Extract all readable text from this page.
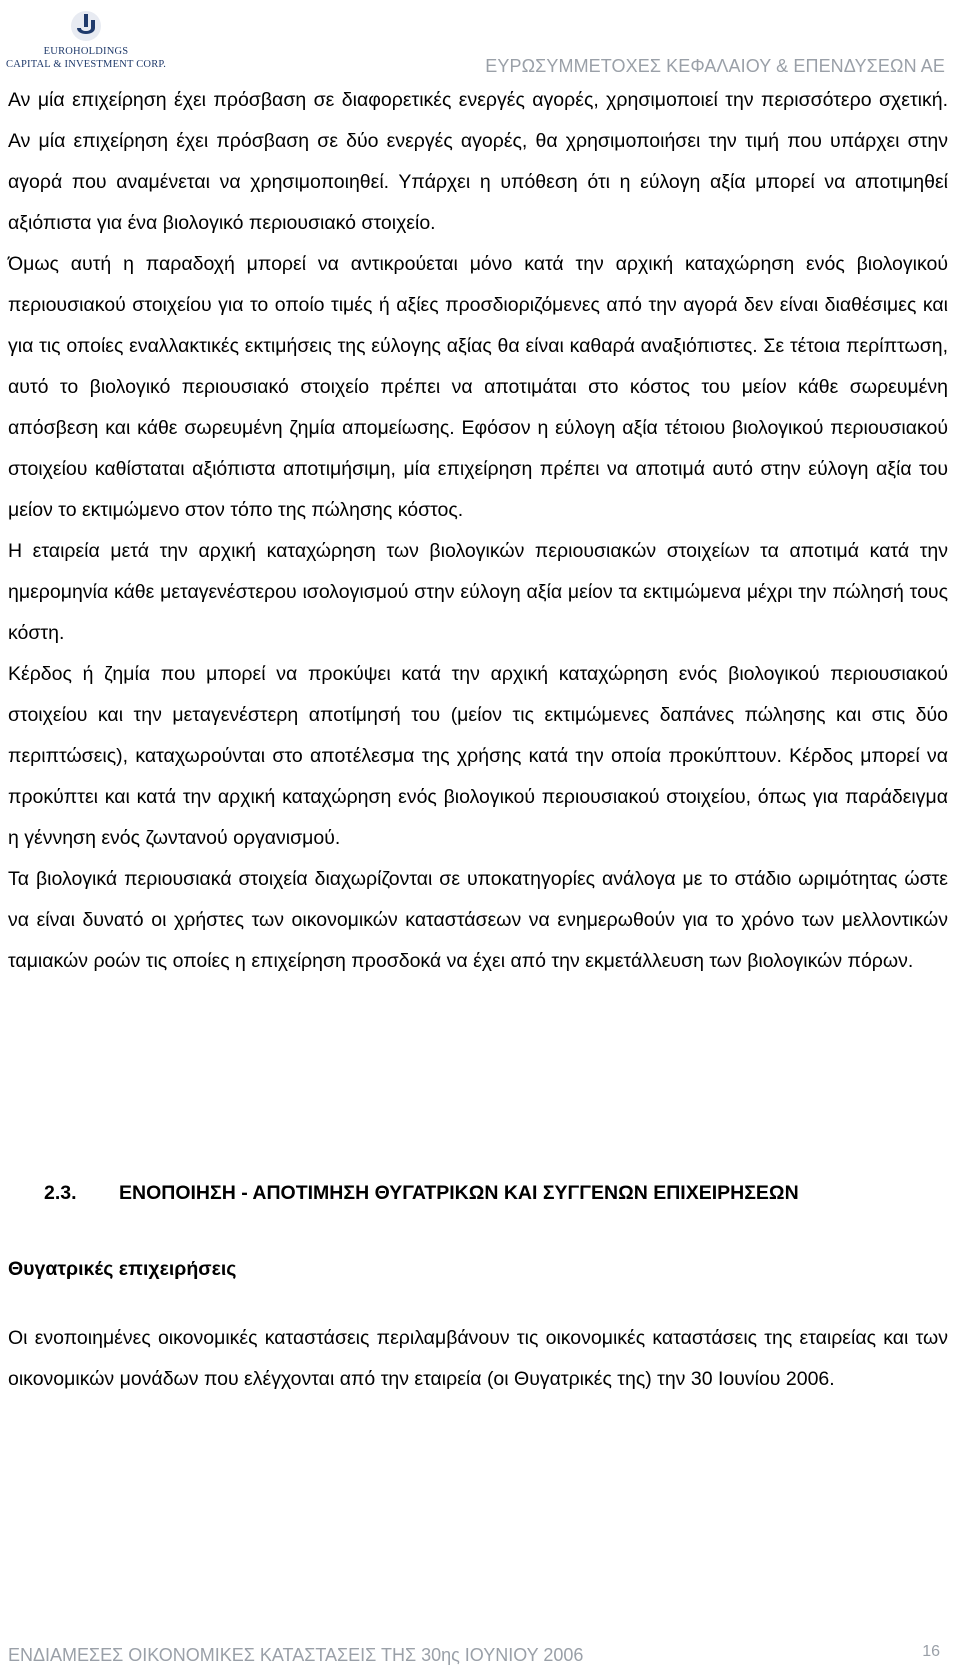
EUROHOLDINGS
CAPITAL & INVESTMENT CORP.	ΕΥΡΩΣΥΜΜΕΤΟΧΕΣ ΚΕΦΑΛΑΙΟΥ & ΕΠΕΝΔΥΣΕΩΝ ΑΕ

Αν μία επιχείρηση έχει πρόσβαση σε διαφορετικές ενεργές αγορές, χρησιμοποιεί την περισσότερο σχετική. Αν μία επιχείρηση έχει πρόσβαση σε δύο ενεργές αγορές, θα χρησιμοποιήσει την τιμή που υπάρχει στην αγορά που αναμένεται να χρησιμοποιηθεί. Υπάρχει η υπόθεση ότι η εύλογη αξία μπορεί να αποτιμηθεί αξιόπιστα για ένα βιολογικό περιουσιακό στοιχείο.

Όμως αυτή η παραδοχή μπορεί να αντικρούεται μόνο κατά την αρχική καταχώρηση ενός βιολογικού περιουσιακού στοιχείου για το οποίο τιμές ή αξίες προσδιοριζόμενες από την αγορά δεν είναι διαθέσιμες και για τις οποίες εναλλακτικές εκτιμήσεις της εύλογης αξίας θα είναι καθαρά αναξιόπιστες. Σε τέτοια περίπτωση, αυτό το βιολογικό περιουσιακό στοιχείο πρέπει να αποτιμάται στο κόστος του μείον κάθε σωρευμένη απόσβεση και κάθε σωρευμένη ζημία απομείωσης. Εφόσον η εύλογη αξία τέτοιου βιολογικού περιουσιακού στοιχείου καθίσταται αξιόπιστα αποτιμήσιμη, μία επιχείρηση πρέπει να αποτιμά αυτό στην εύλογη αξία του μείον το εκτιμώμενο στον τόπο της πώλησης κόστος.

Η εταιρεία μετά την αρχική καταχώρηση των βιολογικών περιουσιακών στοιχείων τα αποτιμά κατά την ημερομηνία κάθε μεταγενέστερου ισολογισμού στην εύλογη αξία μείον τα εκτιμώμενα μέχρι την πώλησή τους κόστη.

Κέρδος ή ζημία που μπορεί να προκύψει κατά την αρχική καταχώρηση ενός βιολογικού περιουσιακού στοιχείου και την μεταγενέστερη αποτίμησή του (μείον τις εκτιμώμενες δαπάνες πώλησης και στις δύο περιπτώσεις), καταχωρούνται στο αποτέλεσμα της χρήσης κατά την οποία προκύπτουν. Κέρδος μπορεί να προκύπτει και κατά την αρχική καταχώρηση ενός βιολογικού περιουσιακού στοιχείου, όπως για παράδειγμα η γέννηση ενός ζωντανού οργανισμού.

Τα βιολογικά περιουσιακά στοιχεία διαχωρίζονται σε υποκατηγορίες ανάλογα με το στάδιο ωριμότητας ώστε να είναι δυνατό οι χρήστες των οικονομικών καταστάσεων να ενημερωθούν για το χρόνο των μελλοντικών ταμιακών ροών τις οποίες η επιχείρηση προσδοκά να έχει από την εκμετάλλευση των βιολογικών πόρων.

2.3. ΕΝΟΠΟΙΗΣΗ - ΑΠΟΤΙΜΗΣΗ ΘΥΓΑΤΡΙΚΩΝ ΚΑΙ ΣΥΓΓΕΝΩΝ ΕΠΙΧΕΙΡΗΣΕΩΝ
Θυγατρικές επιχειρήσεις

Οι ενοποιημένες οικονομικές καταστάσεις περιλαμβάνουν τις οικονομικές καταστάσεις της εταιρείας και των οικονομικών μονάδων που ελέγχονται από την εταιρεία (οι Θυγατρικές της) την 30 Ιουνίου 2006.

ΕΝΔΙΑΜΕΣΕΣ ΟΙΚΟΝΟΜΙΚΕΣ ΚΑΤΑΣΤΑΣΕΙΣ ΤΗΣ 30ης ΙΟΥΝΙΟΥ 2006	16
